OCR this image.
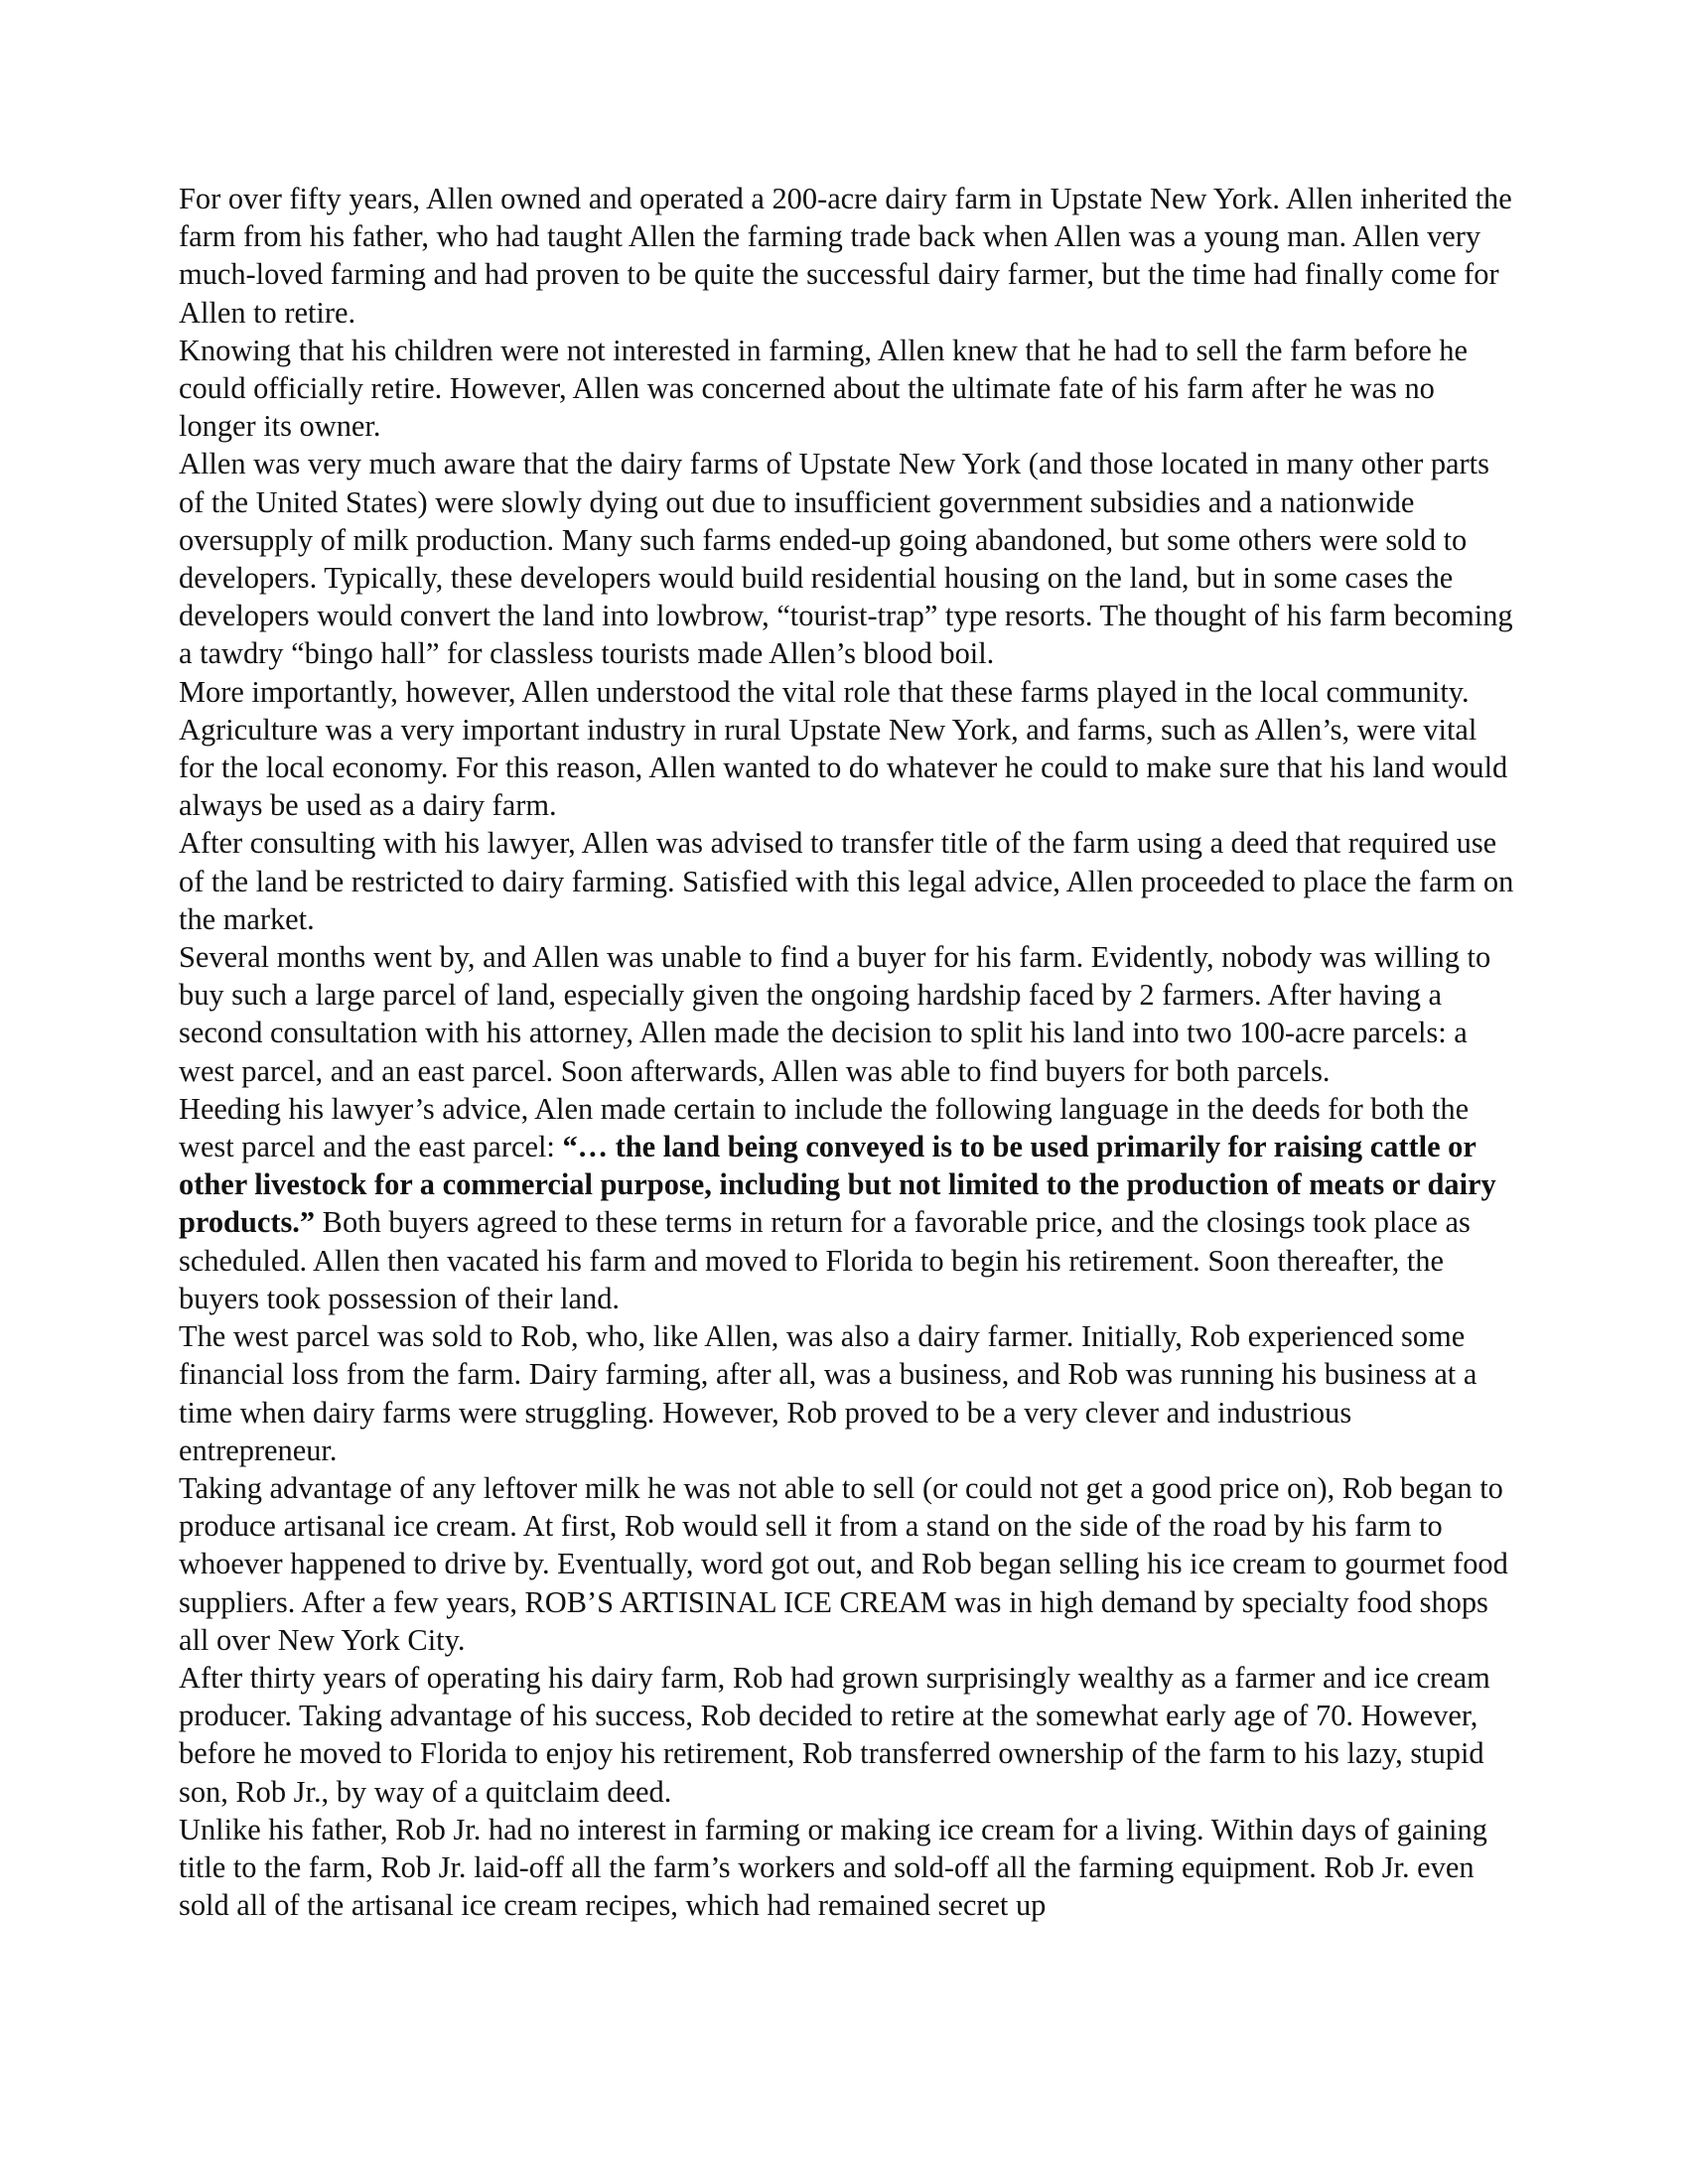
For over fifty years, Allen owned and operated a 200-acre dairy farm in Upstate New York. Allen inherited the farm from his father, who had taught Allen the farming trade back when Allen was a young man. Allen very much-loved farming and had proven to be quite the successful dairy farmer, but the time had finally come for Allen to retire.

Knowing that his children were not interested in farming, Allen knew that he had to sell the farm before he could officially retire. However, Allen was concerned about the ultimate fate of his farm after he was no longer its owner.

Allen was very much aware that the dairy farms of Upstate New York (and those located in many other parts of the United States) were slowly dying out due to insufficient government subsidies and a nationwide oversupply of milk production. Many such farms ended-up going abandoned, but some others were sold to developers. Typically, these developers would build residential housing on the land, but in some cases the developers would convert the land into lowbrow, “tourist-trap” type resorts. The thought of his farm becoming a tawdry “bingo hall” for classless tourists made Allen’s blood boil.

More importantly, however, Allen understood the vital role that these farms played in the local community. Agriculture was a very important industry in rural Upstate New York, and farms, such as Allen’s, were vital for the local economy. For this reason, Allen wanted to do whatever he could to make sure that his land would always be used as a dairy farm.

After consulting with his lawyer, Allen was advised to transfer title of the farm using a deed that required use of the land be restricted to dairy farming. Satisfied with this legal advice, Allen proceeded to place the farm on the market.

Several months went by, and Allen was unable to find a buyer for his farm. Evidently, nobody was willing to buy such a large parcel of land, especially given the ongoing hardship faced by 2 farmers. After having a second consultation with his attorney, Allen made the decision to split his land into two 100-acre parcels: a west parcel, and an east parcel. Soon afterwards, Allen was able to find buyers for both parcels.

Heeding his lawyer’s advice, Alen made certain to include the following language in the deeds for both the west parcel and the east parcel: “… the land being conveyed is to be used primarily for raising cattle or other livestock for a commercial purpose, including but not limited to the production of meats or dairy products.” Both buyers agreed to these terms in return for a favorable price, and the closings took place as scheduled. Allen then vacated his farm and moved to Florida to begin his retirement. Soon thereafter, the buyers took possession of their land.

The west parcel was sold to Rob, who, like Allen, was also a dairy farmer. Initially, Rob experienced some financial loss from the farm. Dairy farming, after all, was a business, and Rob was running his business at a time when dairy farms were struggling. However, Rob proved to be a very clever and industrious entrepreneur.

Taking advantage of any leftover milk he was not able to sell (or could not get a good price on), Rob began to produce artisanal ice cream. At first, Rob would sell it from a stand on the side of the road by his farm to whoever happened to drive by. Eventually, word got out, and Rob began selling his ice cream to gourmet food suppliers. After a few years, ROB’S ARTISINAL ICE CREAM was in high demand by specialty food shops all over New York City.

After thirty years of operating his dairy farm, Rob had grown surprisingly wealthy as a farmer and ice cream producer. Taking advantage of his success, Rob decided to retire at the somewhat early age of 70. However, before he moved to Florida to enjoy his retirement, Rob transferred ownership of the farm to his lazy, stupid son, Rob Jr., by way of a quitclaim deed.

Unlike his father, Rob Jr. had no interest in farming or making ice cream for a living. Within days of gaining title to the farm, Rob Jr. laid-off all the farm’s workers and sold-off all the farming equipment. Rob Jr. even sold all of the artisanal ice cream recipes, which had remained secret up
